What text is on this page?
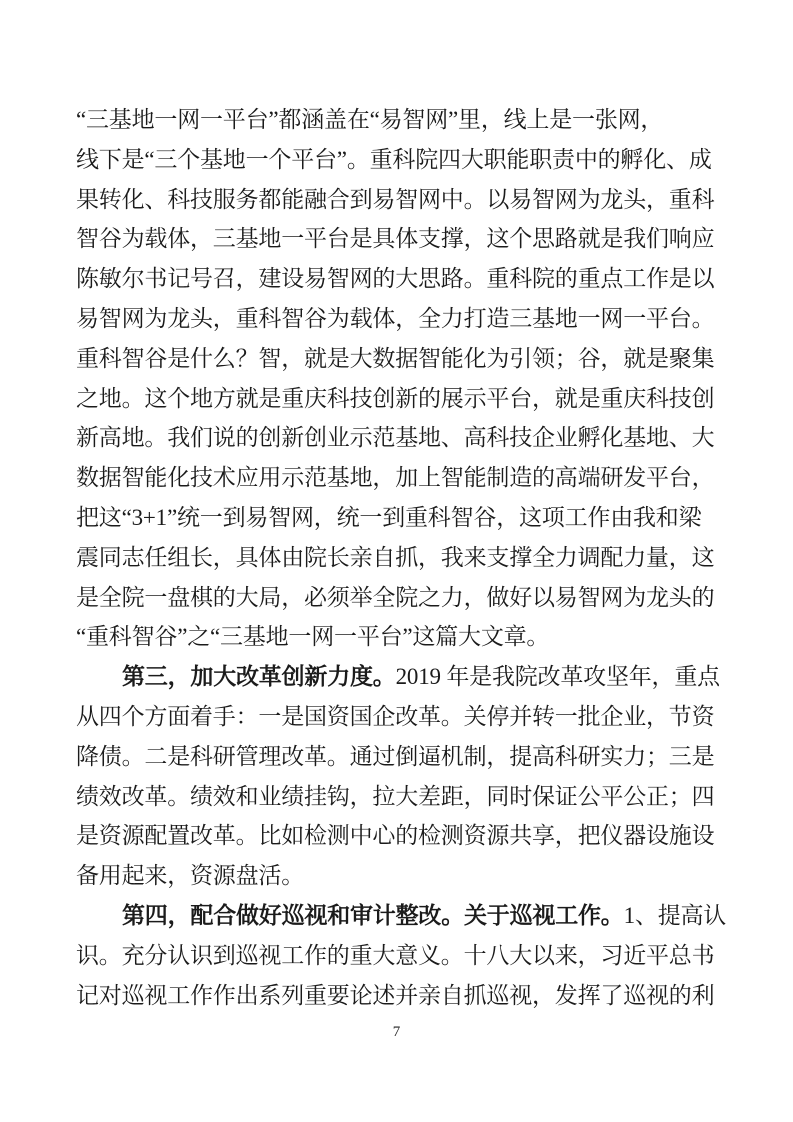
“三基地一网一平台”都涵盖在“易智网”里，线上是一张网，
线下是“三个基地一个平台”。重科院四大职能职责中的孵化、成
果转化、科技服务都能融合到易智网中。以易智网为龙头，重科
智谷为载体，三基地一平台是具体支撑，这个思路就是我们响应
陈敏尔书记号召，建设易智网的大思路。重科院的重点工作是以
易智网为龙头，重科智谷为载体，全力打造三基地一网一平台。
重科智谷是什么？智，就是大数据智能化为引领；谷，就是聚集
之地。这个地方就是重庆科技创新的展示平台，就是重庆科技创
新高地。我们说的创新创业示范基地、高科技企业孵化基地、大
数据智能化技术应用示范基地，加上智能制造的高端研发平台，
把这“3+1”统一到易智网，统一到重科智谷，这项工作由我和梁
震同志任组长，具体由院长亲自抓，我来支撑全力调配力量，这
是全院一盘棋的大局，必须举全院之力，做好以易智网为龙头的
“重科智谷”之“三基地一网一平台”这篇大文章。
第三，加大改革创新力度。2019 年是我院改革攻坚年，重点
从四个方面着手：一是国资国企改革。关停并转一批企业，节资
降债。二是科研管理改革。通过倒逼机制，提高科研实力；三是
绩效改革。绩效和业绩挂钩，拉大差距，同时保证公平公正；四
是资源配置改革。比如检测中心的检测资源共享，把仪器设施设
备用起来，资源盘活。
第四，配合做好巡视和审计整改。关于巡视工作。1、提高认
识。充分认识到巡视工作的重大意义。十八大以来，习近平总书
记对巡视工作作出系列重要论述并亲自抓巡视，发挥了巡视的利
7
